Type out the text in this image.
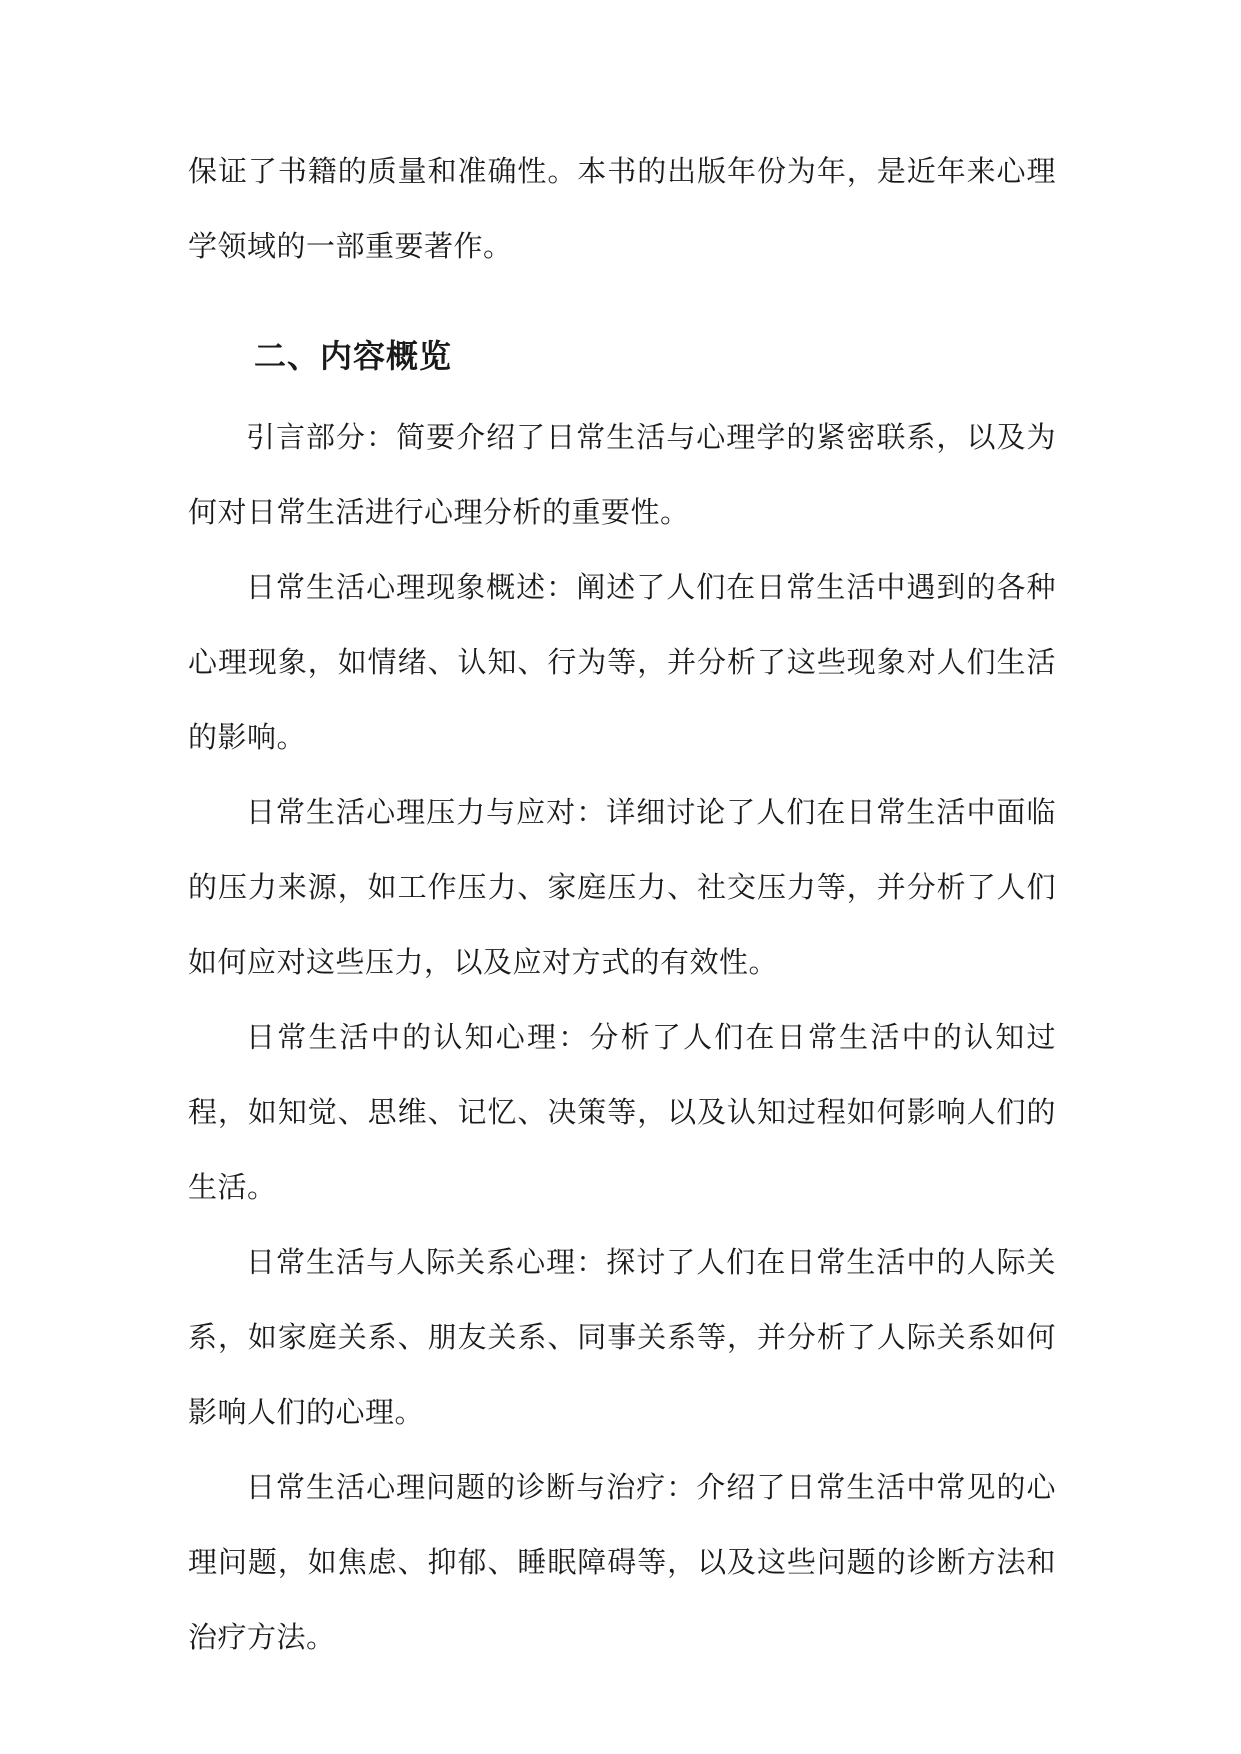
保证了书籍的质量和准确性。本书的出版年份为年，是近年来心理学领域的一部重要著作。

二、内容概览

引言部分：简要介绍了日常生活与心理学的紧密联系，以及为何对日常生活进行心理分析的重要性。

日常生活心理现象概述：阐述了人们在日常生活中遇到的各种心理现象，如情绪、认知、行为等，并分析了这些现象对人们生活的影响。

日常生活心理压力与应对：详细讨论了人们在日常生活中面临的压力来源，如工作压力、家庭压力、社交压力等，并分析了人们如何应对这些压力，以及应对方式的有效性。

日常生活中的认知心理：分析了人们在日常生活中的认知过程，如知觉、思维、记忆、决策等，以及认知过程如何影响人们的生活。

日常生活与人际关系心理：探讨了人们在日常生活中的人际关系，如家庭关系、朋友关系、同事关系等，并分析了人际关系如何影响人们的心理。

日常生活心理问题的诊断与治疗：介绍了日常生活中常见的心理问题，如焦虑、抑郁、睡眠障碍等，以及这些问题的诊断方法和治疗方法。
